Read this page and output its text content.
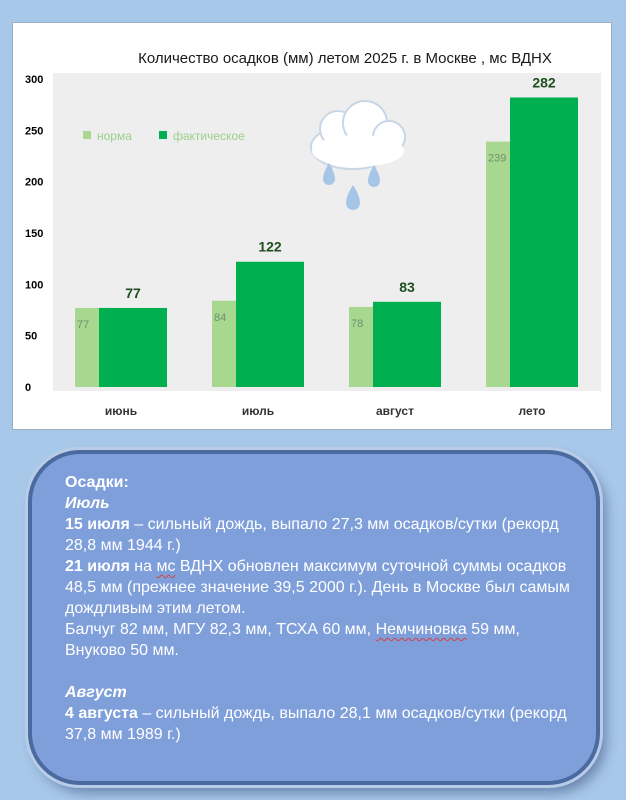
Количество осадков (мм) летом 2025 г. в Москве , мс ВДНХ
0
50
100
150
200
250
300
77
77
84
122
78
83
239
282
июнь	июль	август	лето
норма	фактическое

Осадки:

Июль

15 июля – сильный дождь, выпало 27,3 мм осадков/сутки (рекорд 28,8 мм 1944 г.)

21 июля на мс ВДНХ обновлен максимум суточной суммы осадков 48,5 мм (прежнее значение 39,5 2000 г.). День в Москве был самым дождливым этим летом.

Балчуг 82 мм, МГУ 82,3 мм, ТСХА 60 мм, Немчиновка 59 мм, Внуково 50 мм.

Август

4 августа – сильный дождь, выпало 28,1 мм осадков/сутки (рекорд 37,8 мм 1989 г.)
